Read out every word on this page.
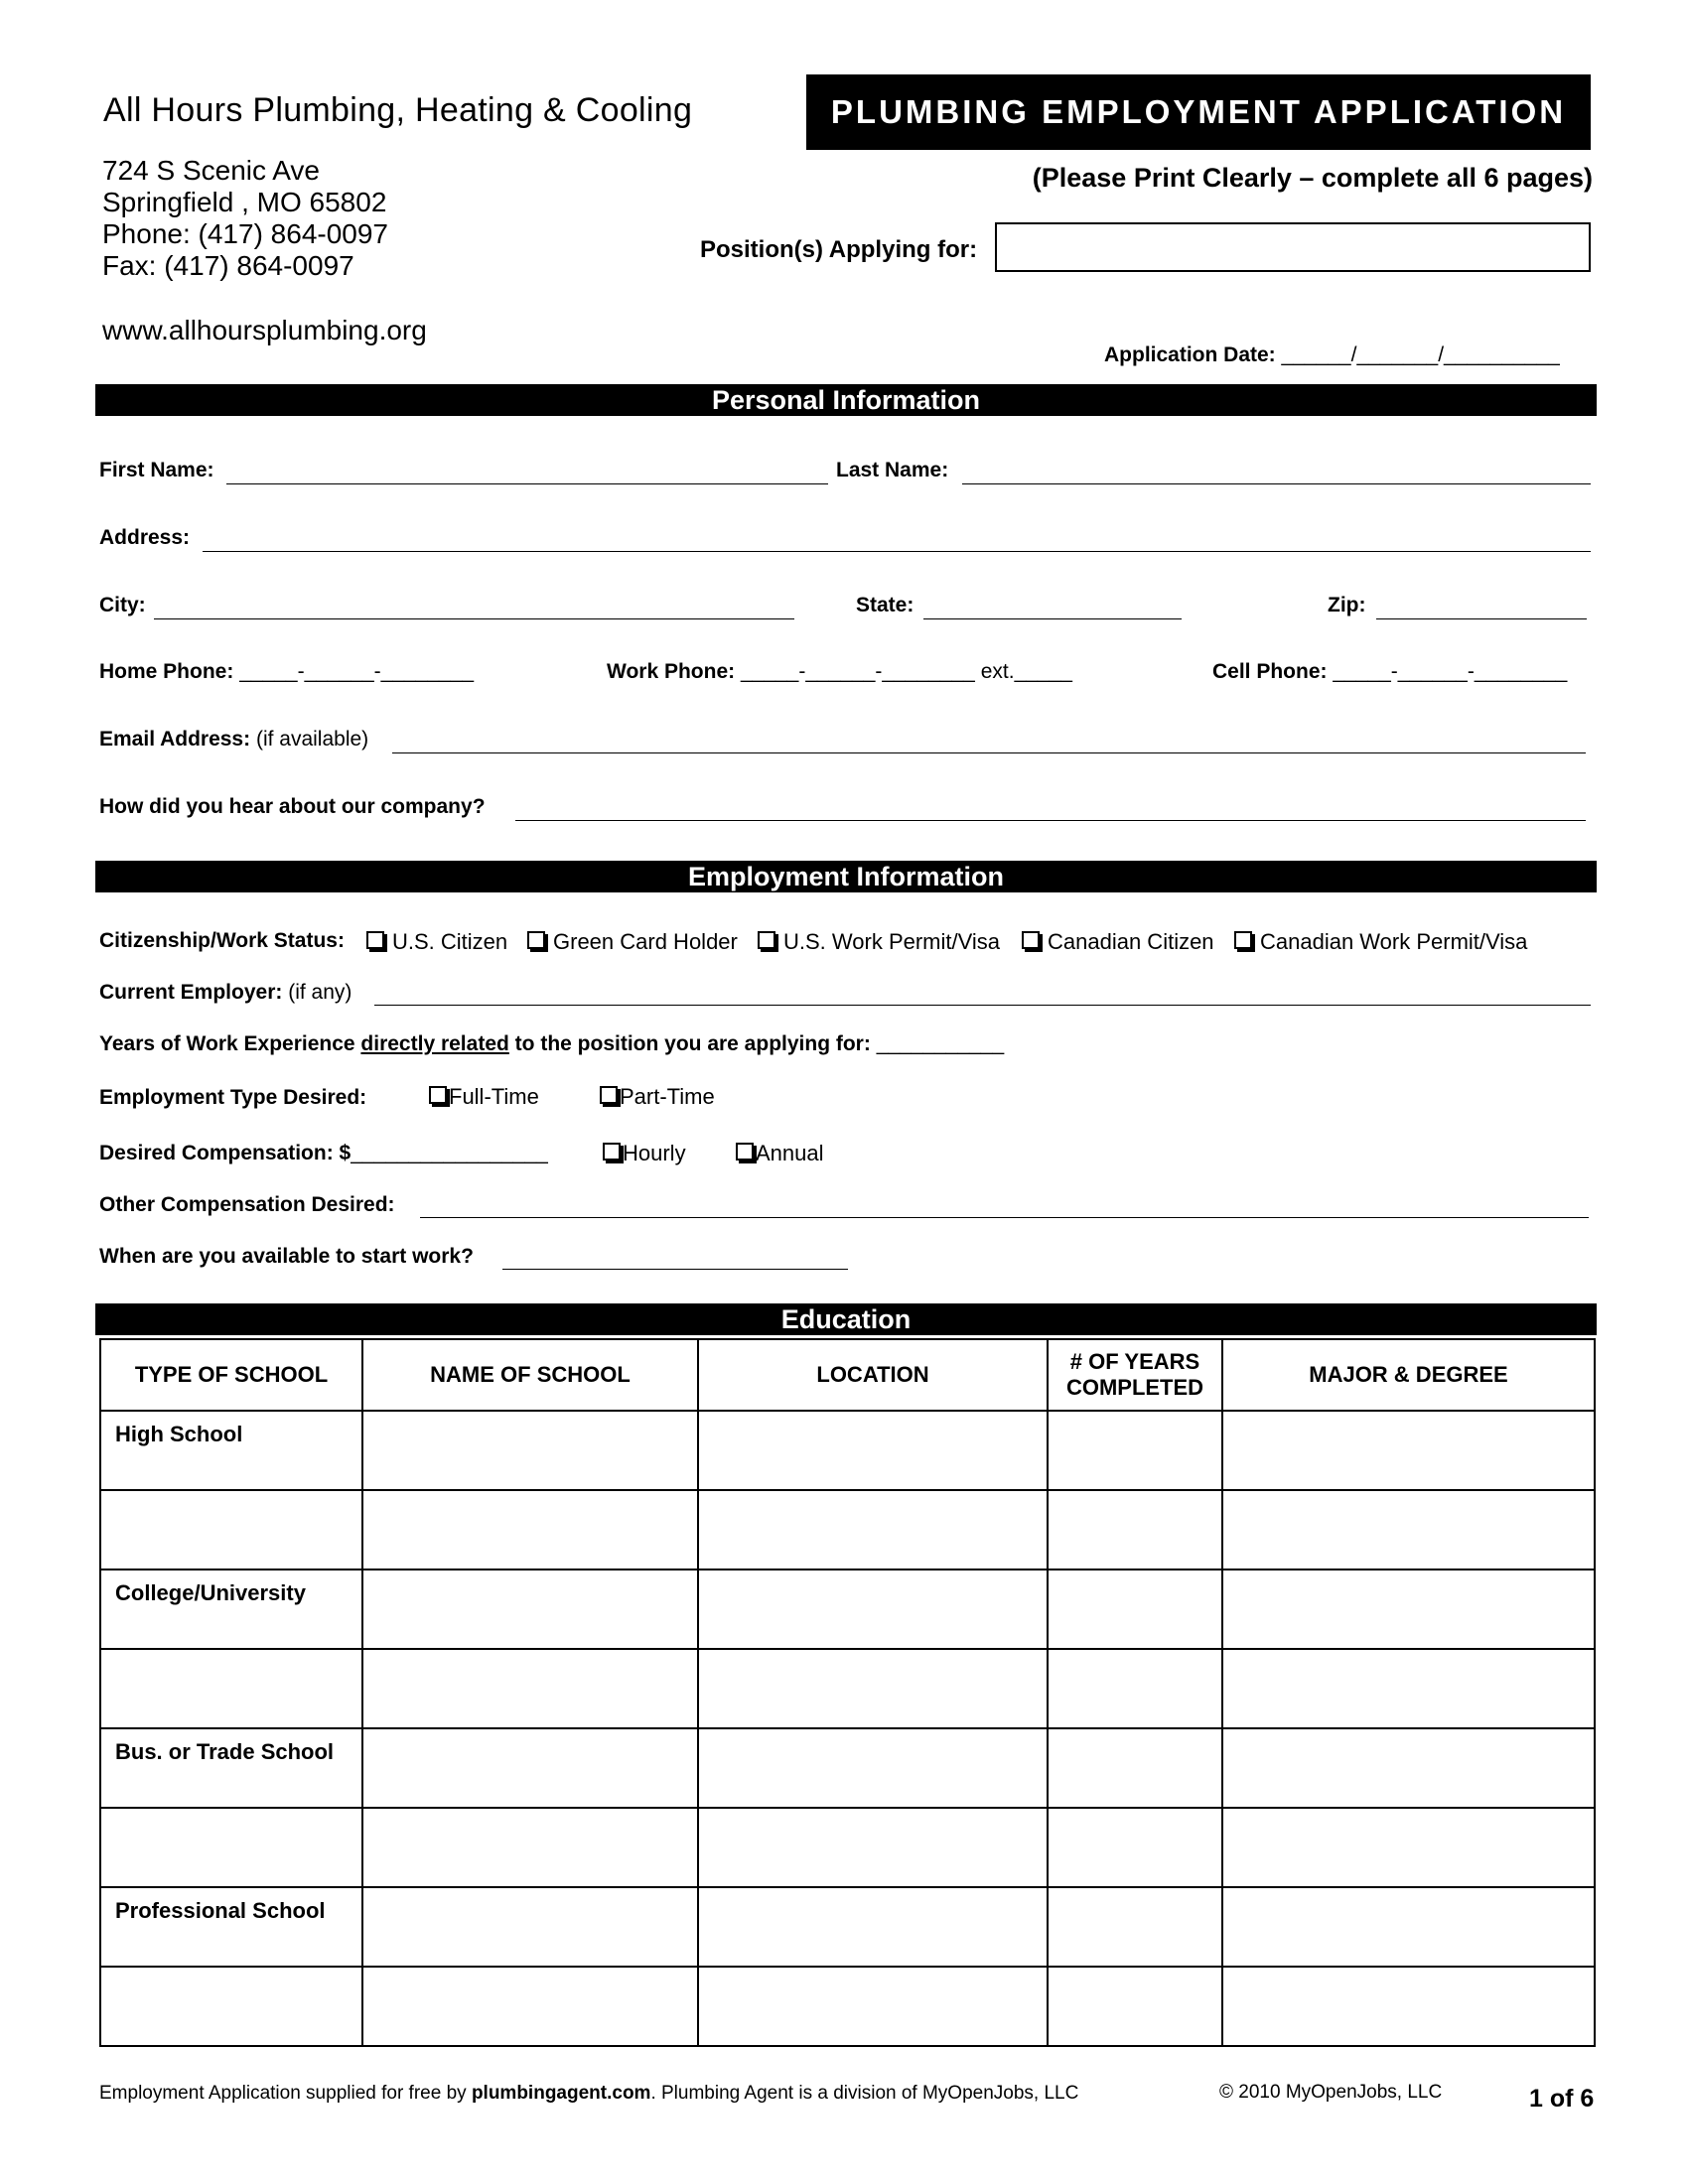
All Hours Plumbing, Heating & Cooling
724 S Scenic Ave
Springfield , MO 65802
Phone: (417) 864-0097
Fax: (417) 864-0097
www.allhoursplumbing.org
PLUMBING EMPLOYMENT APPLICATION
(Please Print Clearly – complete all 6 pages)
Position(s) Applying for:
Application Date: ______/_______/__________
Personal Information
First Name:	Last Name:
Address:
City:	State:	Zip:
Home Phone: _____-______-________	Work Phone: _____-______-________ ext._____	Cell Phone: _____-______-________
Email Address: (if available)
How did you hear about our company?
Employment Information
Citizenship/Work Status:	U.S. Citizen	Green Card Holder	U.S. Work Permit/Visa	Canadian Citizen	Canadian Work Permit/Visa
Current Employer: (if any)
Years of Work Experience directly related to the position you are applying for: ___________
Employment Type Desired:	Full-Time	Part-Time
Desired Compensation: $_________________	Hourly	Annual
Other Compensation Desired:
When are you available to start work?
Education
TYPE OF SCHOOL	NAME OF SCHOOL	LOCATION	# OF YEARS COMPLETED	MAJOR & DEGREE
High School				

College/University				

Bus. or Trade School				

Professional School				

Employment Application supplied for free by plumbingagent.com. Plumbing Agent is a division of MyOpenJobs, LLC	© 2010 MyOpenJobs, LLC	1 of 6
